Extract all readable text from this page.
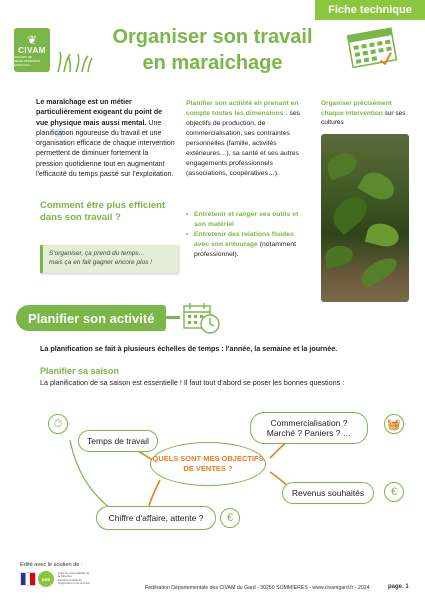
Fiche technique
❦
CIVAM
GROUPE DE DÉVELOPPEMENT AGRICOLE
Organiser son travail
en maraichage
Le maraîchage est un métier particulièrement exigeant du point de vue physique mais aussi mental. Une planification rigoureuse du travail et une organisation efficace de chaque intervention permettent de diminuer fortement la pression quotidienne tout en augmentant l'efficacité du temps passé sur l'exploitation.
Comment être plus efficient dans son travail ?
S'organiser, ça prend du temps…
mais ça en fait gagner encore plus !
Planifier son activité en prenant en compte toutes les dimensions : ses objectifs de production, de commercialisation, ses contraintes personnelles (famille, activités extérieures…), sa santé et ses autres engagements professionnels (associations, coopératives…).
• Entretenir et ranger ses outils et son matériel
• Entretenir des relations fluides avec son entourage (notamment professionnel).
Organiser précisément chaque intervention sur ses cultures
Planifier son activité
La planification se fait à plusieurs échelles de temps : l'année, la semaine et la journée.
Planifier sa saison
La planification de sa saison est essentielle ! Il faut tout d'abord se poser les bonnes questions :
⏱
Temps de travail
Commercialisation ?
Marché ? Paniers ? …
🧺
QUELS SONT MES OBJECTIFS DE VENTES ?
Revenus souhaités	€
Chiffre d'affaire, attente ?	€
Edité avec le soutien de :
DRE
Sous la responsabilité de la Direction Départementale de l'Agriculture et de la Forêt
Fédération Départementale des CIVAM du Gard - 30250 SOMMIERES - www.civamgard.fr - 2024	page. 1
